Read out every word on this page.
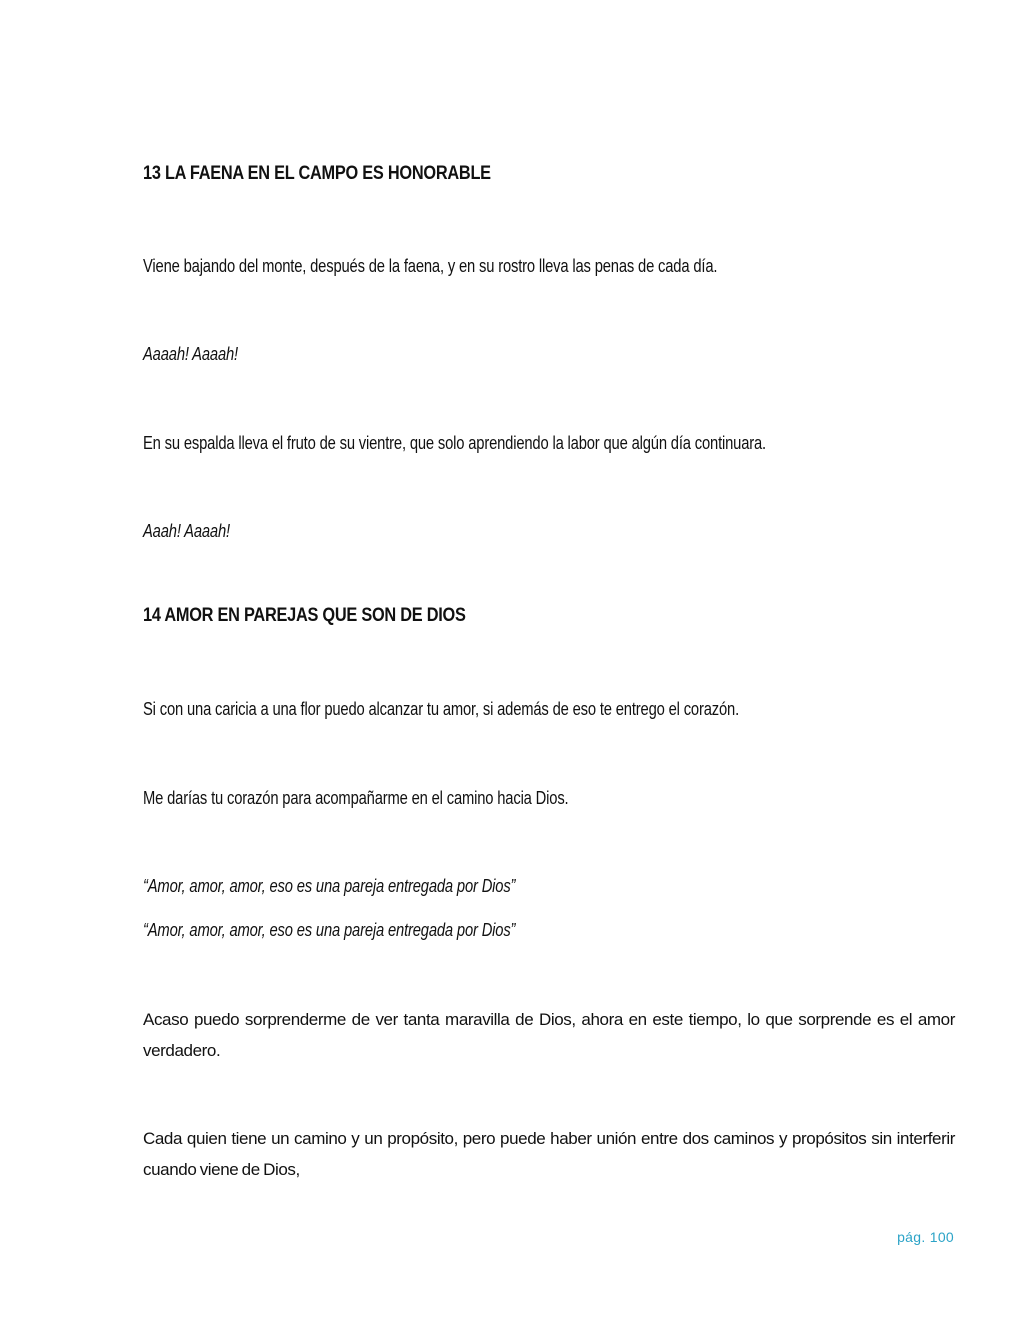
13 LA FAENA EN EL CAMPO ES HONORABLE

Viene bajando del monte, después de la faena, y en su rostro lleva las penas de cada día.

Aaaah! Aaaah!

En su espalda lleva el fruto de su vientre, que solo aprendiendo la labor que algún día continuara.

Aaah! Aaaah!

14 AMOR EN PAREJAS QUE SON DE DIOS

Si con una caricia a una flor puedo alcanzar tu amor, si además de eso te entrego el corazón.

Me darías tu corazón para acompañarme en el camino hacia Dios.

“Amor, amor, amor, eso es una pareja entregada por Dios”

“Amor, amor, amor, eso es una pareja entregada por Dios”

Acaso puedo sorprenderme de ver tanta maravilla de Dios, ahora en este tiempo, lo que sorprende es el amor verdadero.

Cada quien tiene un camino y un propósito, pero puede haber unión entre dos caminos y propósitos sin interferir cuando viene de Dios,

pág. 100
